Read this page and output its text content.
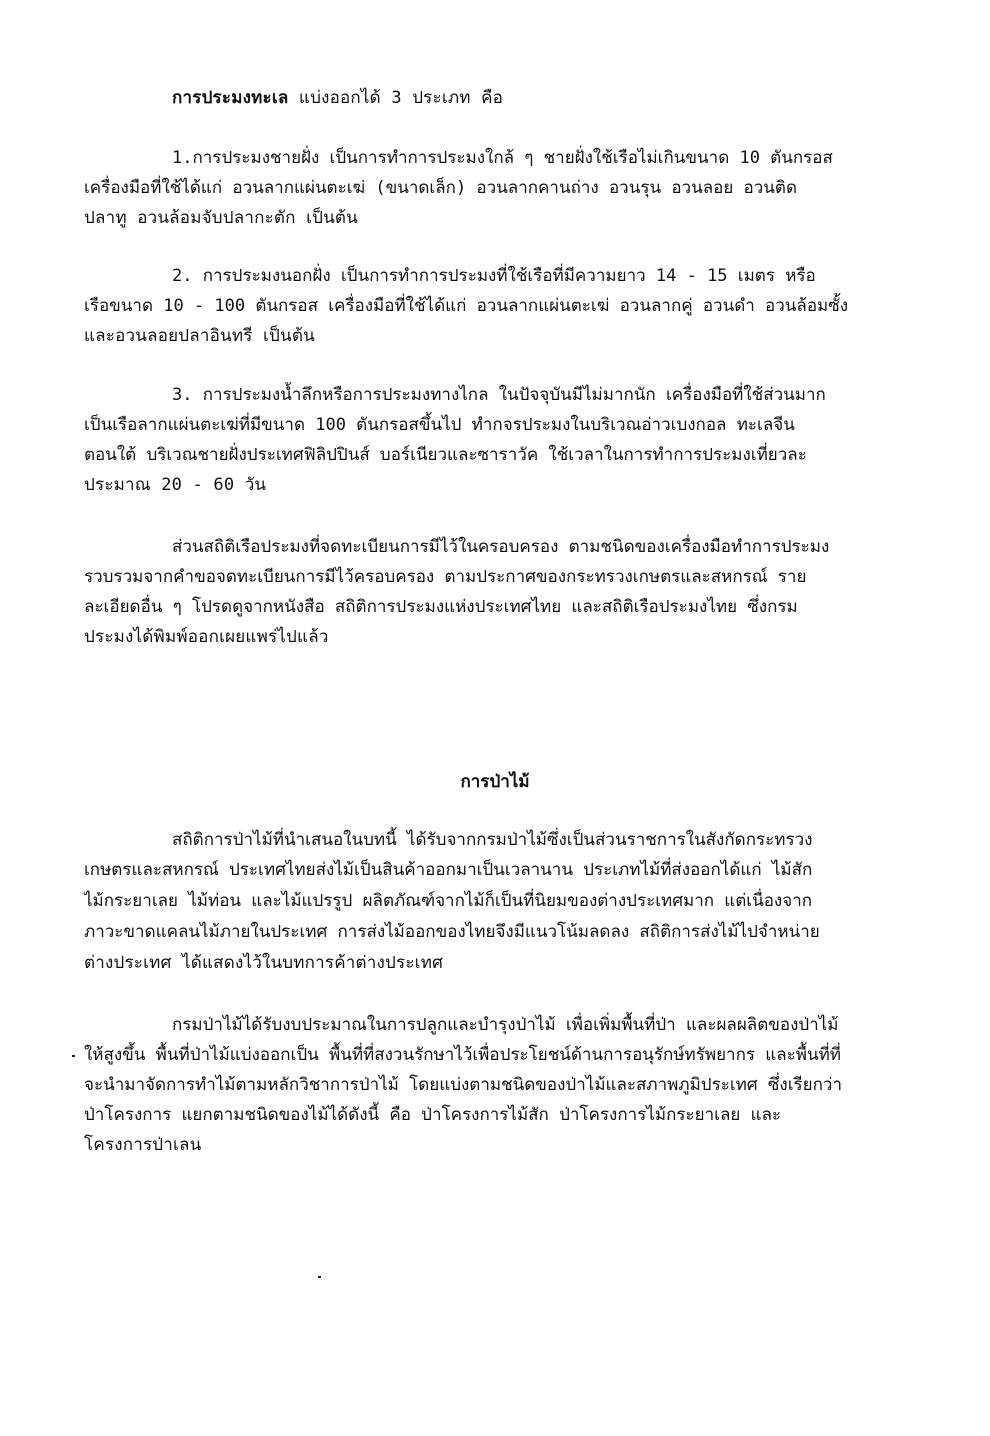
การประมงทะเล แบ่งออกได้ 3 ประเภท คือ
1.การประมงชายฝั่ง เป็นการทำการประมงใกล้ ๆ ชายฝั่งใช้เรือไม่เกินขนาด 10 ตันกรอส
เครื่องมือที่ใช้ได้แก่ อวนลากแผ่นตะเฆ่ (ขนาดเล็ก) อวนลากคานถ่าง อวนรุน อวนลอย อวนติด
ปลาทู อวนล้อมจับปลากะตัก เป็นต้น
2. การประมงนอกฝั่ง เป็นการทำการประมงที่ใช้เรือที่มีความยาว 14 - 15 เมตร หรือ
เรือขนาด 10 - 100 ตันกรอส เครื่องมือที่ใช้ได้แก่ อวนลากแผ่นตะเฆ่ อวนลากคู่ อวนดำ อวนล้อมซั้ง
และอวนลอยปลาอินทรี เป็นต้น
3. การประมงน้ำลึกหรือการประมงทางไกล ในปัจจุบันมีไม่มากนัก เครื่องมือที่ใช้ส่วนมาก
เป็นเรือลากแผ่นตะเฆ่ที่มีขนาด 100 ตันกรอสขึ้นไป ทำกจรประมงในบริเวณอ่าวเบงกอล ทะเลจีน
ตอนใต้ บริเวณชายฝั่งประเทศฟิลิปปินส์ บอร์เนียวและซาราวัค ใช้เวลาในการทำการประมงเที่ยวละ
ประมาณ 20 - 60 วัน
ส่วนสถิติเรือประมงที่จดทะเบียนการมีไว้ในครอบครอง ตามชนิดของเครื่องมือทำการประมง
รวบรวมจากคำขอจดทะเบียนการมีไว้ครอบครอง ตามประกาศของกระทรวงเกษตรและสหกรณ์ ราย
ละเอียดอื่น ๆ โปรดดูจากหนังสือ สถิติการประมงแห่งประเทศไทย และสถิติเรือประมงไทย ซึ่งกรม
ประมงได้พิมพ์ออกเผยแพร่ไปแล้ว
การป่าไม้
สถิติการป่าไม้ที่นำเสนอในบทนี้ ได้รับจากกรมป่าไม้ซึ่งเป็นส่วนราชการในสังกัดกระทรวง
เกษตรและสหกรณ์ ประเทศไทยส่งไม้เป็นสินค้าออกมาเป็นเวลานาน ประเภทไม้ที่ส่งออกได้แก่ ไม้สัก
ไม้กระยาเลย ไม้ท่อน และไม้แปรรูป ผลิตภัณฑ์จากไม้ก็เป็นที่นิยมของต่างประเทศมาก แต่เนื่องจาก
ภาวะขาดแคลนไม้ภายในประเทศ การส่งไม้ออกของไทยจึงมีแนวโน้มลดลง สถิติการส่งไม้ไปจำหน่าย
ต่างประเทศ ได้แสดงไว้ในบทการค้าต่างประเทศ
กรมป่าไม้ได้รับงบประมาณในการปลูกและบำรุงป่าไม้ เพื่อเพิ่มพื้นที่ป่า และผลผลิตของป่าไม้
ให้สูงขึ้น พื้นที่ป่าไม้แบ่งออกเป็น พื้นที่ที่สงวนรักษาไว้เพื่อประโยชน์ด้านการอนุรักษ์ทรัพยากร และพื้นที่ที่
จะนำมาจัดการทำไม้ตามหลักวิชาการป่าไม้ โดยแบ่งตามชนิดของป่าไม้และสภาพภูมิประเทศ ซึ่งเรียกว่า
ป่าโครงการ แยกตามชนิดของไม้ได้ดังนี้ คือ ป่าโครงการไม้สัก ป่าโครงการไม้กระยาเลย และ
โครงการป่าเลน
